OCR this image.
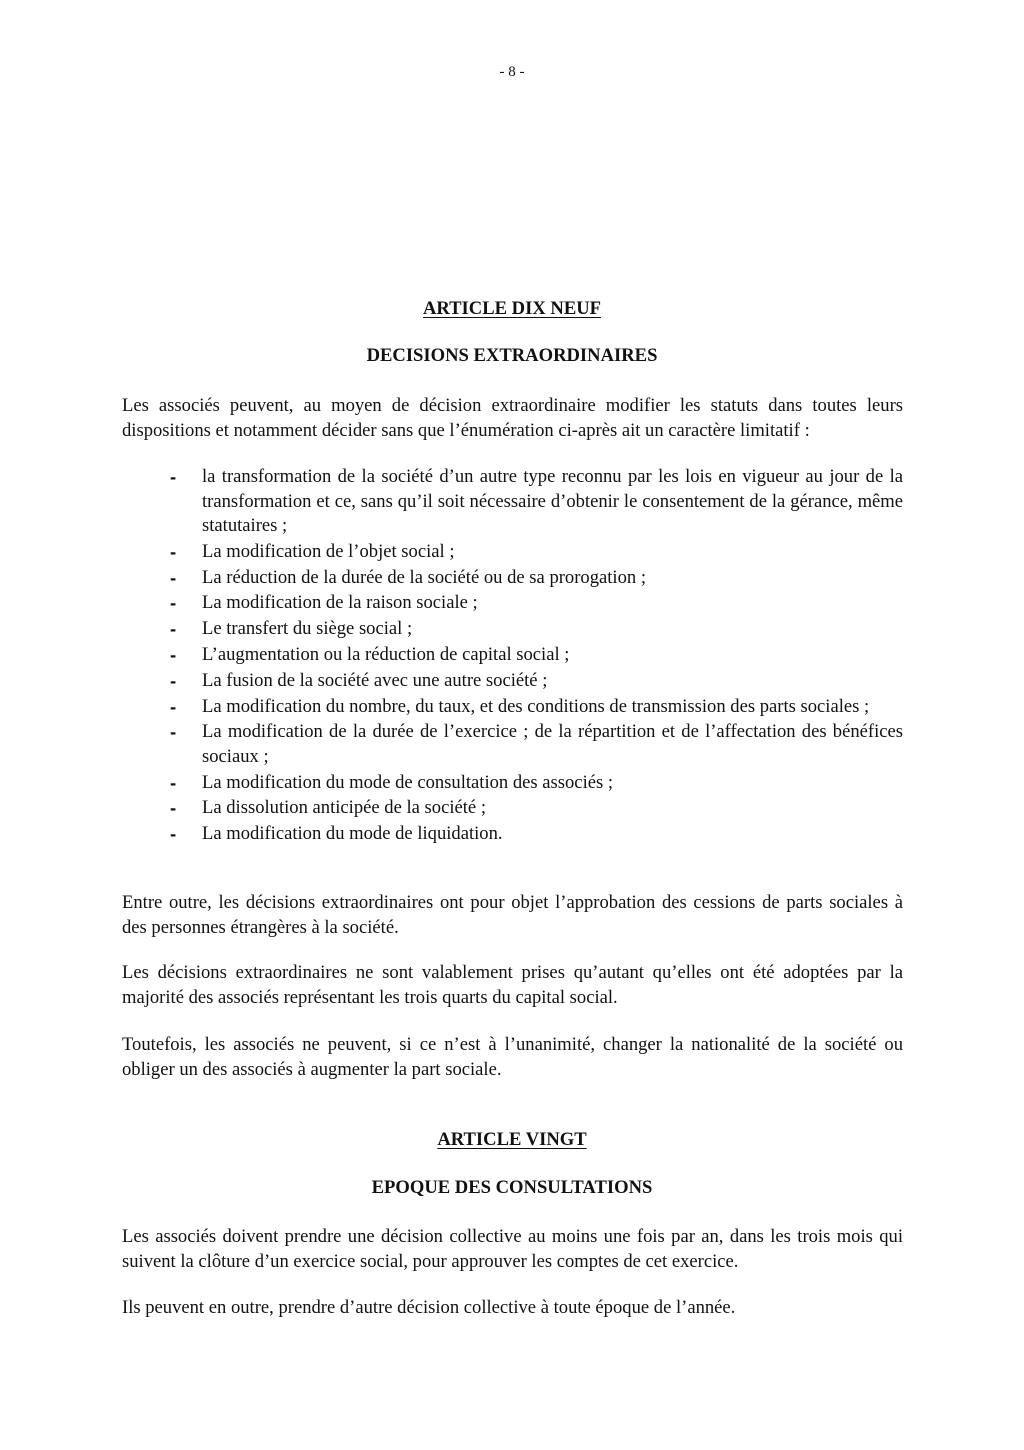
- 8 -
ARTICLE DIX NEUF
DECISIONS EXTRAORDINAIRES

Les associés peuvent, au moyen de décision extraordinaire modifier les statuts dans toutes leurs dispositions et notamment décider sans que l’énumération ci-après ait un caractère limitatif :

- la transformation de la société d’un autre type reconnu par les lois en vigueur au jour de la transformation et ce, sans qu’il soit nécessaire d’obtenir le consentement de la gérance, même statutaires ;
- La modification de l’objet social ;
- La réduction de la durée de la société ou de sa prorogation ;
- La modification de la raison sociale ;
- Le transfert du siège social ;
- L’augmentation ou la réduction de capital social ;
- La fusion de la société avec une autre société ;
- La modification du nombre, du taux, et des conditions de transmission des parts sociales ;
- La modification de la durée de l’exercice ; de la répartition et de l’affectation des bénéfices sociaux ;
- La modification du mode de consultation des associés ;
- La dissolution anticipée de la société ;
- La modification du mode de liquidation.

Entre outre, les décisions extraordinaires ont pour objet l’approbation des cessions de parts sociales à des personnes étrangères à la société.

Les décisions extraordinaires ne sont valablement prises qu’autant qu’elles ont été adoptées par la majorité des associés représentant les trois quarts du capital social.

Toutefois, les associés ne peuvent, si ce n’est à l’unanimité, changer la nationalité de la société ou obliger un des associés à augmenter la part sociale.

ARTICLE VINGT
EPOQUE DES CONSULTATIONS

Les associés doivent prendre une décision collective au moins une fois par an, dans les trois mois qui suivent la clôture d’un exercice social, pour approuver les comptes de cet exercice.

Ils peuvent en outre, prendre d’autre décision collective à toute époque de l’année.
